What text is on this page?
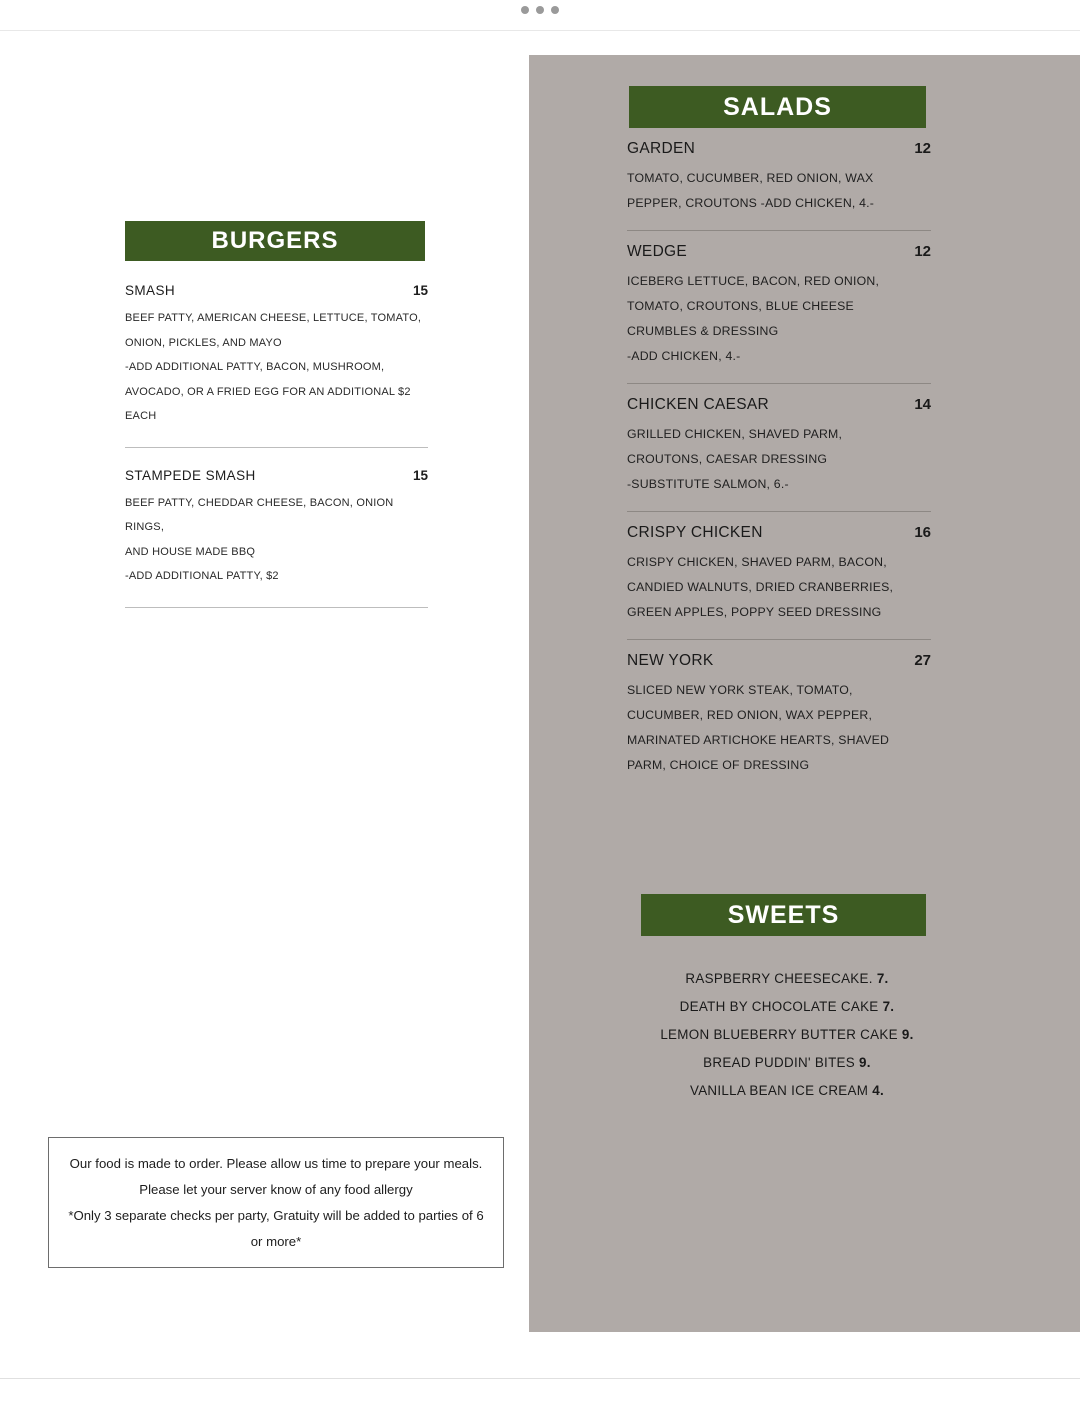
BURGERS
SMASH	15
BEEF PATTY, AMERICAN CHEESE, LETTUCE, TOMATO,
ONION, PICKLES, AND MAYO
-ADD ADDITIONAL PATTY, BACON, MUSHROOM,
AVOCADO, OR A FRIED EGG FOR AN ADDITIONAL $2
EACH
STAMPEDE SMASH	15
BEEF PATTY, CHEDDAR CHEESE, BACON, ONION RINGS,
AND HOUSE MADE BBQ
-ADD ADDITIONAL PATTY, $2
Our food is made to order. Please allow us time to prepare your meals.
Please let your server know of any food allergy
*Only 3 separate checks per party, Gratuity will be added to parties of 6
or more*
SALADS
GARDEN	12
TOMATO, CUCUMBER, RED ONION, WAX
PEPPER, CROUTONS -ADD CHICKEN, 4.-
WEDGE	12
ICEBERG LETTUCE, BACON, RED ONION,
TOMATO, CROUTONS, BLUE CHEESE
CRUMBLES & DRESSING
-ADD CHICKEN, 4.-
CHICKEN CAESAR	14
GRILLED CHICKEN, SHAVED PARM,
CROUTONS, CAESAR DRESSING
-SUBSTITUTE SALMON, 6.-
CRISPY CHICKEN	16
CRISPY CHICKEN, SHAVED PARM, BACON,
CANDIED WALNUTS, DRIED CRANBERRIES,
GREEN APPLES, POPPY SEED DRESSING
NEW YORK	27
SLICED NEW YORK STEAK, TOMATO,
CUCUMBER, RED ONION, WAX PEPPER,
MARINATED ARTICHOKE HEARTS, SHAVED
PARM, CHOICE OF DRESSING
SWEETS
RASPBERRY CHEESECAKE. 7.
DEATH BY CHOCOLATE CAKE 7.
LEMON BLUEBERRY BUTTER CAKE 9.
BREAD PUDDIN' BITES 9.
VANILLA BEAN ICE CREAM 4.
